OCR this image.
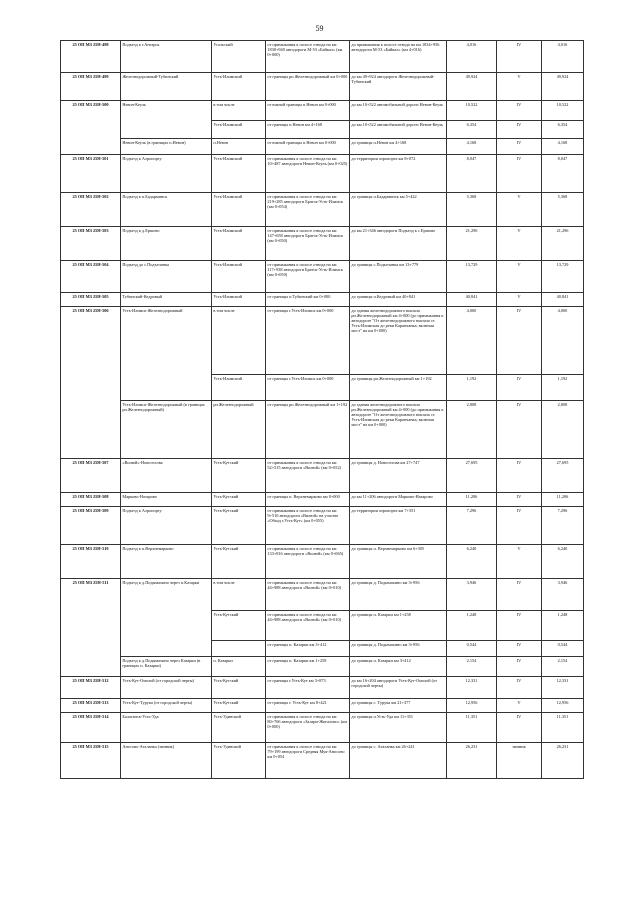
59
25 ОП МЗ 25Н-498	Подъезд к г.Ангарск	Усольский	от примыкания к полосе отвода на км 1830+940 автодороги М-53 «Байкал» (км 0+000)	до примыкания к полосе отвода на км 1834+956 автодороги М-53 «Байкал» (км 4+016)	4,016	IV	4,016
25 ОП МЗ 25Н-499	Железнодорожный-Тубинский	Усть-Илимский	от границы рп.Железнодорожный км 0+000	до км 49+924 автодороги Железнодорожный-Тубинский	49,924	V	49,924
25 ОП МЗ 25Н-500	Невон-Кеуль	в том числе	от южной границы п.Невон км 0+000	до км 10+522 автомобильной дороги Невон-Кеуль	10,522	IV	10,522
		Усть-Илимский	от границы п.Невон км 4+168	до км 10+522 автомобильной дороги Невон-Кеуль	6,354	IV	6,354
	Невон-Кеуль (в границах п.Невон)	п.Невон	от южной границы п.Невон км 0+000	до границы п.Невон км 4+168	4,168	IV	4,168
25 ОП МЗ 25Н-501	Подъезд к Аэропорту	Усть-Илимский	от примыкания к полосе отвода на км 10+487 автодороги Невон-Кеуль (км 0+025)	до территории аэропорта км 8+072	8,047	IV	8,047
25 ОП МЗ 25Н-502	Подъезд к п.Бадарминск	Усть-Илимский	от примыкания к полосе отвода на км 219+285 автодороги Братск-Усть-Илимск (км 0+054)	до границы п.Бадарминск км 5+422	5,368	V	5,368
25 ОП МЗ 25Н-503	Подъезд к д.Ершово	Усть-Илимский	от примыкания к полосе отвода на км 147+658 автодороги Братск-Усть-Илимск (км 0+050)	до км 21+346 автодороги Подъезд к с.Ершово	21,296	V	21,296
25 ОП МЗ 25Н-504	Подъезд до с.Подъеланка	Усть-Илимский	от примыкания к полосе отвода на км 117+938 автодороги Братск-Усть-Илимск (км 0+050)	до границы с.Подъеланка км 13+779	13,729	V	13,729
25 ОП МЗ 25Н-505	Тубинский-Кедровый	Усть-Илимский	от границы п.Тубинский км 0+000	до границы п.Кедровый км 40+841	40,841	V	40,841
25 ОП МЗ 25Н-506	Усть-Илимск-Железнодорожный	в том числе	от границы г.Усть-Илимск км 0+000	до здания железнодорожного вокзала рп.Железнодорожный км 4+000 (до примыкания к автодороге "От железнодорожного вокзала ст. Усть-Илимская до реки Карапчанка, включая мост" на км 0+000)	4,000	IV	4,000
		Усть-Илимский	от границы г.Усть-Илимск км 0+000	до границы рп.Железнодорожный км 1+192	1,192	IV	1,192
	Усть-Илимск-Железнодорожный (в границах рп.Железнодорожный)	рп.Железнодорожный	от границы рп.Железнодорожный км 1+192	до здания железнодорожного вокзала рп.Железнодорожный км 4+000 (до примыкания к автодороге "От железнодорожного вокзала ст. Усть-Илимская до реки Карапчанка, включая мост" на км 0+000)	2,808	IV	2,808
25 ОП МЗ 25Н-507	«Вилюй»-Новоселова	Усть-Кутский	от примыкания к полосе отвода на км 52+515 автодороги «Вилюй» (км 0+052)	до границы д. Новоселова км 27+747	27,695	IV	27,695
25 ОП МЗ 25Н-508	Марково-Назарово	Усть-Кутский	от границы п. Верхнемарково км 0+000	до км 11+206 автодороги Марково-Назарово	11,206	IV	11,206
25 ОП МЗ 25Н-509	Подъезд к Аэропорту	Усть-Кутский	от примыкания к полосе отвода на км 9+510 автодороги «Вилюй» на участке «Обход г.Усть-Кут» (км 0+055)	до территории аэропорта км 7+351	7,296	IV	7,296
25 ОП МЗ 25Н-510	Подъезд к п.Верхнемарково	Усть-Кутский	от примыкания к полосе отвода на км 133+816 автодороги «Вилюй» (км 0+065)	до границы п. Верхнемарково км 6+305	6,240	V	6,240
25 ОП МЗ 25Н-511	Подъезд к д.Подымахино через п.Казарки	в том числе	от примыкания к полосе отвода на км 44+988 автодороги «Вилюй» (км 0+010)	до границы д. Подымахино км 3+956	3,946	IV	3,946
		Усть-Кутский	от примыкания к полосе отвода на км 44+988 автодороги «Вилюй» (км 0+010)	до границы п. Казарки км 1+258	1,248	IV	1,248
			от границы п. Казарки км 3+412	до границы д. Подымахино км 3+956	0,544	IV	0,544
	Подъезд к д.Подымахино через Казарки (в границах п. Казарки)	п. Казарки	от границы п. Казарки км 1+258	до границы п. Казарки км 3+412	2,154	IV	2,154
25 ОП МЗ 25Н-512	Усть-Кут-Омолой (от городской черты)	Усть-Кутский	от границы г.Усть-Кут км 3+873	до км 16+204 автодороги Усть-Кут-Омолой (от городской черты)	12,331	IV	12,331
25 ОП МЗ 25Н-513	Усть-Кут-Турука (от городской черты)	Усть-Кутский	от границы г. Усть-Кут км 8+421	до границы с. Турука км 21+377	12,956	V	12,956
25 ОП МЗ 25Н-514	Балаганск-Усть-Уда	Усть-Удинский	от примыкания к полосе отвода на км 80+766 автодороги «Залари-Жигалово» (км 0+000)	до границы п.Усть-Уда км 11+351	11,351	IV	11,351
25 ОП МЗ 25Н-515	Аносово-Аталанка (зимник)	Усть-Удинский	от примыкания к полосе отвода на км 79+199 автодороги Средняя Муя-Аносово км 0+054	до границы с. Аталанка км 26+241	26,231	зимник	26,231
